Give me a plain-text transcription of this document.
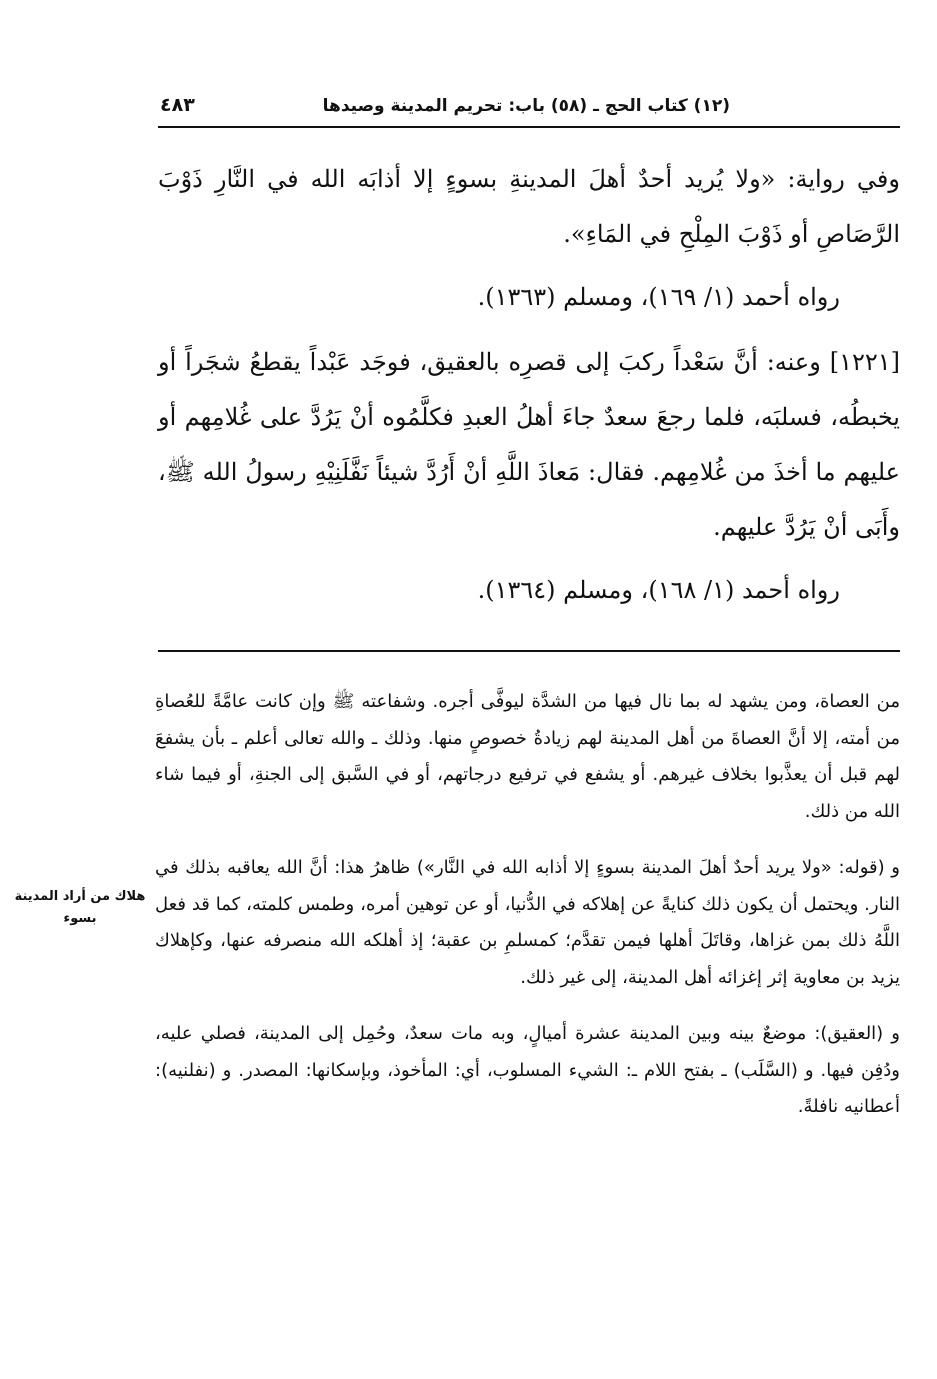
(١٢) كتاب الحج ـ (٥٨) باب: تحريم المدينة وصيدها
٤٨٣

وفي رواية: «ولا يُريد أحدٌ أهلَ المدينةِ بسوءٍ إلا أذابَه الله في النَّارِ ذَوْبَ الرَّصَاصِ أو ذَوْبَ المِلْحِ في المَاءِ».

رواه أحمد (١/ ١٦٩)، ومسلم (١٣٦٣).

[١٢٢١] وعنه: أنَّ سَعْداً ركبَ إلى قصرِه بالعقيق، فوجَد عَبْداً يقطعُ شجَراً أو يخبطُه، فسلبَه، فلما رجعَ سعدٌ جاءَ أهلُ العبدِ فكلَّمُوه أنْ يَرُدَّ على غُلامِهم أو عليهم ما أخذَ من غُلامِهم. فقال: مَعاذَ اللَّهِ أنْ أَرُدَّ شيئاً نَفَّلَنِيْهِ رسولُ الله ﷺ، وأَبَى أنْ يَرُدَّ عليهم.

رواه أحمد (١/ ١٦٨)، ومسلم (١٣٦٤).

من العصاة، ومن يشهد له بما نال فيها من الشدَّة ليوفَّى أجره. وشفاعته ﷺ وإن كانت عامَّةً للعُصاةِ من أمته، إلا أنَّ العصاةَ من أهل المدينة لهم زيادةُ خصوصٍ منها. وذلك ـ والله تعالى أعلم ـ بأن يشفعَ لهم قبل أن يعذَّبوا بخلاف غيرهم. أو يشفع في ترفيع درجاتهم، أو في السَّبق إلى الجنةِ، أو فيما شاء الله من ذلك.

و (قوله: «ولا يريد أحدٌ أهلَ المدينة بسوءٍ إلا أذابه الله في النَّار») ظاهرُ هذا: أنَّ الله يعاقبه بذلك في النار. ويحتمل أن يكون ذلك كنايةً عن إهلاكه في الدُّنيا، أو عن توهين أمره، وطمس كلمته، كما قد فعل اللَّهُ ذلك بمن غزاها، وقاتَلَ أهلها فيمن تقدَّم؛ كمسلمِ بن عقبة؛ إذ أهلكه الله منصرفه عنها، وكإهلاك يزيد بن معاوية إثر إغزائه أهل المدينة، إلى غير ذلك.

و (العقيق): موضعٌ بينه وبين المدينة عشرة أميالٍ، وبه مات سعدٌ، وحُمِل إلى المدينة، فصلي عليه، ودُفِن فيها. و (السَّلَب) ـ بفتح اللام ـ: الشيء المسلوب، أي: المأخوذ، وبإسكانها: المصدر. و (نفلنيه): أعطانيه نافلةً.

هلاك من أراد المدينة بسوء
